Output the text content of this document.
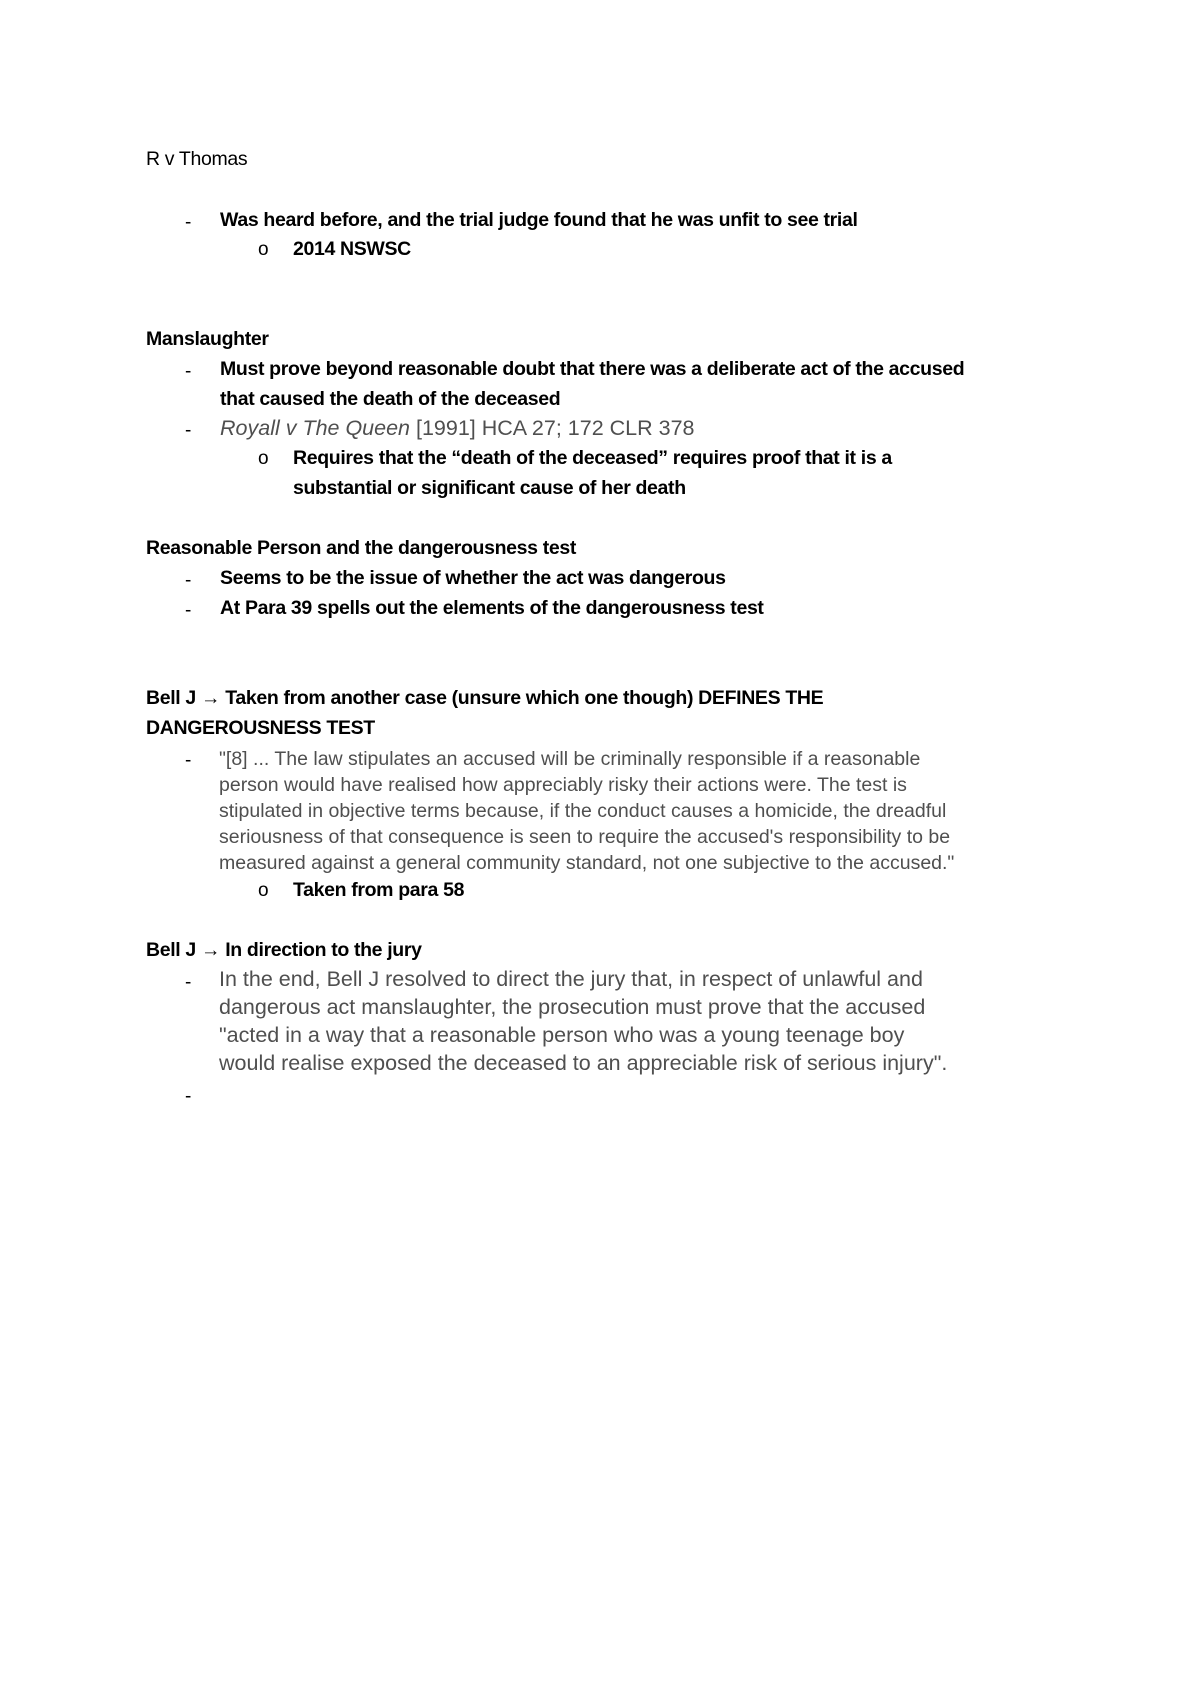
R v Thomas
- Was heard before, and the trial judge found that he was unfit to see trial
o 2014 NSWSC
Manslaughter
- Must prove beyond reasonable doubt that there was a deliberate act of the accused
that caused the death of the deceased
- Royall v The Queen [1991] HCA 27; 172 CLR 378
o Requires that the “death of the deceased” requires proof that it is a
substantial or significant cause of her death
Reasonable Person and the dangerousness test
- Seems to be the issue of whether the act was dangerous
- At Para 39 spells out the elements of the dangerousness test
Bell J → Taken from another case (unsure which one though) DEFINES THE
DANGEROUSNESS TEST
- "[8] ... The law stipulates an accused will be criminally responsible if a reasonable
person would have realised how appreciably risky their actions were. The test is
stipulated in objective terms because, if the conduct causes a homicide, the dreadful
seriousness of that consequence is seen to require the accused's responsibility to be
measured against a general community standard, not one subjective to the accused."
o Taken from para 58
Bell J → In direction to the jury
- In the end, Bell J resolved to direct the jury that, in respect of unlawful and
dangerous act manslaughter, the prosecution must prove that the accused
"acted in a way that a reasonable person who was a young teenage boy
would realise exposed the deceased to an appreciable risk of serious injury".
-
